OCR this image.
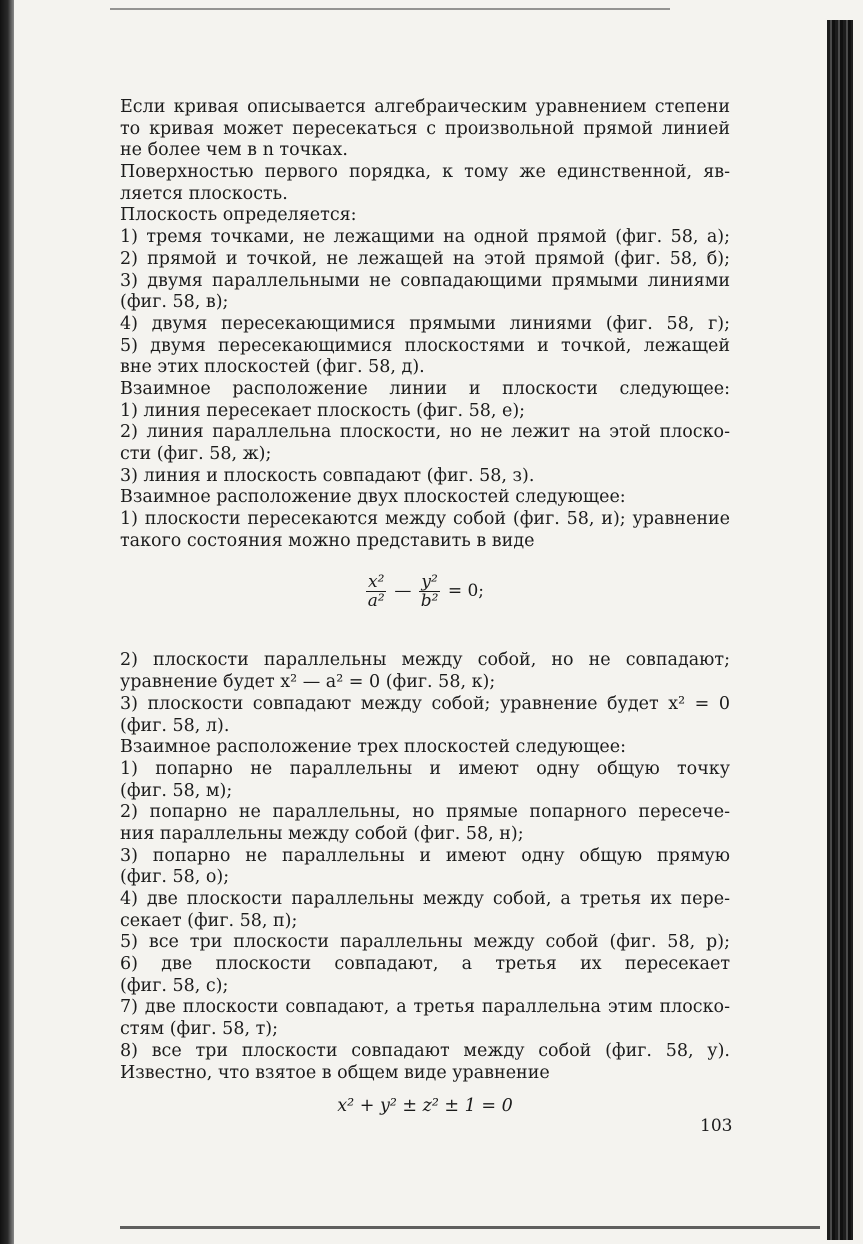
Если кривая описывается алгебраическим уравнением степени
то кривая может пересекаться с произвольной прямой линией
не более чем в n точках.
Поверхностью первого порядка, к тому же единственной, яв-
ляется плоскость.
Плоскость определяется:
1) тремя точками, не лежащими на одной прямой (фиг. 58, а);
2) прямой и точкой, не лежащей на этой прямой (фиг. 58, б);
3) двумя параллельными не совпадающими прямыми линиями
(фиг. 58, в);
4) двумя пересекающимися прямыми линиями (фиг. 58, г);
5) двумя пересекающимися плоскостями и точкой, лежащей
вне этих плоскостей (фиг. 58, д).
Взаимное расположение линии и плоскости следующее:
1) линия пересекает плоскость (фиг. 58, е);
2) линия параллельна плоскости, но не лежит на этой плоско-
сти (фиг. 58, ж);
3) линия и плоскость совпадают (фиг. 58, з).
Взаимное расположение двух плоскостей следующее:
1) плоскости пересекаются между собой (фиг. 58, и); уравнение
такого состояния можно представить в виде
$\frac{\text{x²}}{\text{a²}}$ — $\frac{\text{y²}}{\text{b²}} = 0$;
2) плоскости параллельны между собой, но не совпадают;
уравнение будет x² — a² = 0 (фиг. 58, к);
3) плоскости совпадают между собой; уравнение будет x² = 0
(фиг. 58, л).
Взаимное расположение трех плоскостей следующее:
1) попарно не параллельны и имеют одну общую точку
(фиг. 58, м);
2) попарно не параллельны, но прямые попарного пересече-
ния параллельны между собой (фиг. 58, н);
3) попарно не параллельны и имеют одну общую прямую
(фиг. 58, о);
4) две плоскости параллельны между собой, а третья их пере-
секает (фиг. 58, п);
5) все три плоскости параллельны между собой (фиг. 58, р);
6) две плоскости совпадают, а третья их пересекает
(фиг. 58, с);
7) две плоскости совпадают, а третья параллельна этим плоско-
стям (фиг. 58, т);
8) все три плоскости совпадают между собой (фиг. 58, у).
Известно, что взятое в общем виде уравнение
x² + y² ± z² ± 1 = 0
103
